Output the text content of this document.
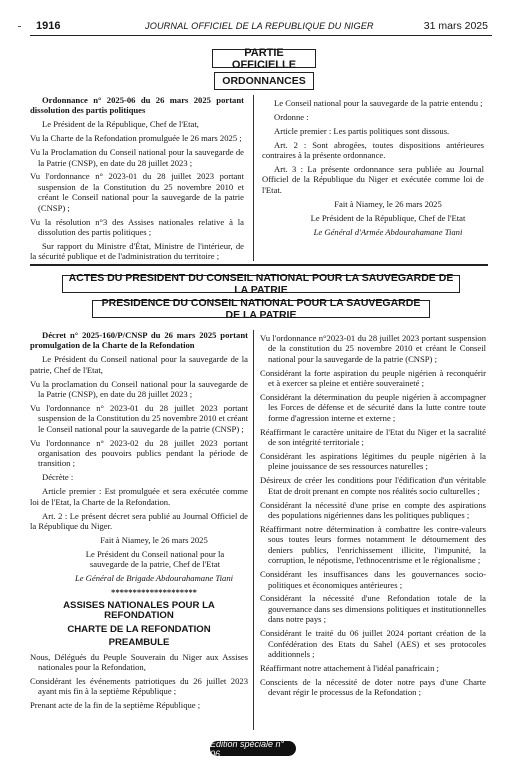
1916	JOURNAL OFFICIEL DE LA REPUBLIQUE DU NIGER	31 mars 2025
PARTIE OFFICIELLE
ORDONNANCES

Ordonnance n° 2025-06 du 26 mars 2025 portant dissolution des partis politiques

Le Président de la République, Chef de l'Etat,

Vu la Charte de la Refondation promulguée le 26 mars 2025 ;

Vu la Proclamation du Conseil national pour la sauvegarde de la Patrie (CNSP), en date du 28 juillet 2023 ;

Vu l'ordonnance n° 2023-01 du 28 juillet 2023 portant suspension de la Constitution du 25 novembre 2010 et créant le Conseil national pour la sauvegarde de la patrie (CNSP) ;

Vu la résolution n°3 des Assises nationales relative à la dissolution des partis politiques ;

Sur rapport du Ministre d'État, Ministre de l'intérieur, de la sécurité publique et de l'administration du territoire ;

Le Conseil national pour la sauvegarde de la patrie entendu ;

Ordonne :

Article premier : Les partis politiques sont dissous.

Art. 2 : Sont abrogées, toutes dispositions antérieures contraires à la présente ordonnance.

Art. 3 : La présente ordonnance sera publiée au Journal Officiel de la République du Niger et exécutée comme loi de l'Etat.

Fait à Niamey, le 26 mars 2025

Le Président de la République, Chef de l'Etat

Le Général d'Armée Abdourahamane Tiani

ACTES DU PRESIDENT DU CONSEIL NATIONAL POUR LA SAUVEGARDE DE LA PATRIE
PRESIDENCE DU CONSEIL NATIONAL POUR LA SAUVEGARDE DE LA PATRIE

Décret n° 2025-160/P/CNSP du 26 mars 2025 portant promulgation de la Charte de la Refondation

Le Président du Conseil national pour la sauvegarde de la patrie, Chef de l'Etat,

Vu la proclamation du Conseil national pour la sauvegarde de la Patrie (CNSP), en date du 28 juillet 2023 ;

Vu l'ordonnance n° 2023-01 du 28 juillet 2023 portant suspension de la Constitution du 25 novembre 2010 et créant le Conseil national pour la sauvegarde de la patrie (CNSP) ;

Vu l'ordonnance n° 2023-02 du 28 juillet 2023 portant organisation des pouvoirs publics pendant la période de transition ;

Décrète :

Article premier : Est promulguée et sera exécutée comme loi de l'Etat, la Charte de la Refondation.

Art. 2 : Le présent décret sera publié au Journal Officiel de la République du Niger.

Fait à Niamey, le 26 mars 2025

Le Président du Conseil national pour la sauvegarde de la patrie, Chef de l'Etat

Le Général de Brigade Abdourahamane Tiani

********************

ASSISES NATIONALES POUR LA REFONDATION
CHARTE DE LA REFONDATION
PREAMBULE

Nous, Délégués du Peuple Souverain du Niger aux Assises nationales pour la Refondation,

Considérant les événements patriotiques du 26 juillet 2023 ayant mis fin à la septième République ;

Prenant acte de la fin de la septième République ;

Vu l'ordonnance n°2023-01 du 28 juillet 2023 portant suspension de la constitution du 25 novembre 2010 et créant le Conseil national pour la sauvegarde de la patrie (CNSP) ;

Considérant la forte aspiration du peuple nigérien à reconquérir et à exercer sa pleine et entière souveraineté ;

Considérant la détermination du peuple nigérien à accompagner les Forces de défense et de sécurité dans la lutte contre toute forme d'agression interne et externe ;

Réaffirmant le caractère unitaire de l'Etat du Niger et la sacralité de son intégrité territoriale ;

Considérant les aspirations légitimes du peuple nigérien à la pleine jouissance de ses ressources naturelles ;

Désireux de créer les conditions pour l'édification d'un véritable Etat de droit prenant en compte nos réalités socio culturelles ;

Considérant la nécessité d'une prise en compte des aspirations des populations nigériennes dans les politiques publiques ;

Réaffirmant notre détermination à combattre les contre-valeurs sous toutes leurs formes notamment le détournement des deniers publics, l'enrichissement illicite, l'impunité, la corruption, le népotisme, l'ethnocentrisme et le régionalisme ;

Considérant les insuffisances dans les gouvernances socio-politiques et économiques antérieures ;

Considérant la nécessité d'une Refondation totale de la gouvernance dans ses dimensions politiques et institutionnelles dans notre pays ;

Considérant le traité du 06 juillet 2024 portant création de la Confédération des Etats du Sahel (AES) et ses protocoles additionnels ;

Réaffirmant notre attachement à l'idéal panafricain ;

Conscients de la nécessité de doter notre pays d'une Charte devant régir le processus de la Refondation ;

Edition spéciale n° 06
